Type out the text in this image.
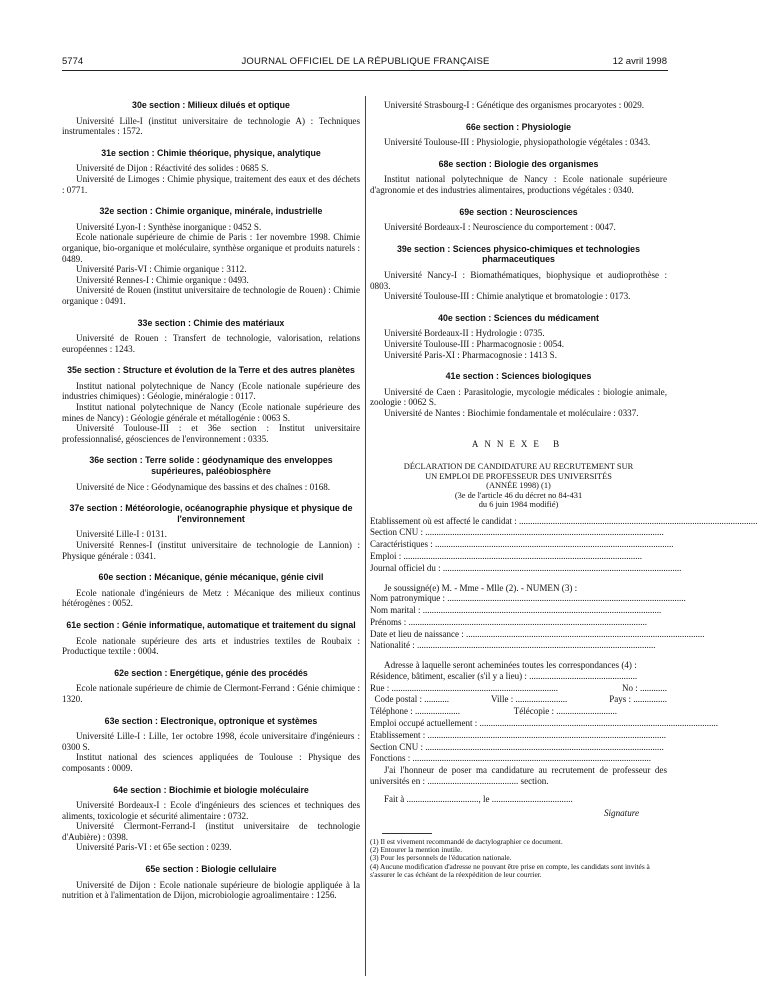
5774	JOURNAL OFFICIEL DE LA RÉPUBLIQUE FRANÇAISE	12 avril 1998

30e section : Milieux dilués et optique

Université Lille-I (institut universitaire de technologie A) : Techniques instrumentales : 1572.

31e section : Chimie théorique, physique, analytique

Université de Dijon : Réactivité des solides : 0685 S.

Université de Limoges : Chimie physique, traitement des eaux et des déchets : 0771.

32e section : Chimie organique, minérale, industrielle

Université Lyon-I : Synthèse inorganique : 0452 S.

Ecole nationale supérieure de chimie de Paris : 1er novembre 1998. Chimie organique, bio-organique et moléculaire, synthèse organique et produits naturels : 0489.

Université Paris-VI : Chimie organique : 3112.

Université Rennes-I : Chimie organique : 0493.

Université de Rouen (institut universitaire de technologie de Rouen) : Chimie organique : 0491.

33e section : Chimie des matériaux

Université de Rouen : Transfert de technologie, valorisation, relations européennes : 1243.

35e section : Structure et évolution de la Terre et des autres planètes

Institut national polytechnique de Nancy (Ecole nationale supérieure des industries chimiques) : Géologie, minéralogie : 0117.

Institut national polytechnique de Nancy (Ecole nationale supérieure des mines de Nancy) : Géologie générale et métallogénie : 0063 S.

Université Toulouse-III : et 36e section : Institut universitaire professionnalisé, géosciences de l'environnement : 0335.

36e section : Terre solide : géodynamique des enveloppes supérieures, paléobiosphère

Université de Nice : Géodynamique des bassins et des chaînes : 0168.

37e section : Météorologie, océanographie physique et physique de l'environnement

Université Lille-I : 0131.

Université Rennes-I (institut universitaire de technologie de Lannion) : Physique générale : 0341.

60e section : Mécanique, génie mécanique, génie civil

Ecole nationale d'ingénieurs de Metz : Mécanique des milieux continus hétérogènes : 0052.

61e section : Génie informatique, automatique et traitement du signal

Ecole nationale supérieure des arts et industries textiles de Roubaix : Productique textile : 0004.

62e section : Energétique, génie des procédés

Ecole nationale supérieure de chimie de Clermont-Ferrand : Génie chimique : 1320.

63e section : Electronique, optronique et systèmes

Université Lille-I : Lille, 1er octobre 1998, école universitaire d'ingénieurs : 0300 S.

Institut national des sciences appliquées de Toulouse : Physique des composants : 0009.

64e section : Biochimie et biologie moléculaire

Université Bordeaux-I : Ecole d'ingénieurs des sciences et techniques des aliments, toxicologie et sécurité alimentaire : 0732.

Université Clermont-Ferrand-I (institut universitaire de technologie d'Aubière) : 0398.

Université Paris-VI : et 65e section : 0239.

65e section : Biologie cellulaire

Université de Dijon : Ecole nationale supérieure de biologie appliquée à la nutrition et à l'alimentation de Dijon, microbiologie agroalimentaire : 1256.

Université Strasbourg-I : Génétique des organismes procaryotes : 0029.

66e section : Physiologie

Université Toulouse-III : Physiologie, physiopathologie végétales : 0343.

68e section : Biologie des organismes

Institut national polytechnique de Nancy : Ecole nationale supérieure d'agronomie et des industries alimentaires, productions végétales : 0340.

69e section : Neurosciences

Université Bordeaux-I : Neuroscience du comportement : 0047.

39e section : Sciences physico-chimiques et technologies pharmaceutiques

Université Nancy-I : Biomathématiques, biophysique et audioprothèse : 0803.

Université Toulouse-III : Chimie analytique et bromatologie : 0173.

40e section : Sciences du médicament

Université Bordeaux-II : Hydrologie : 0735.

Université Toulouse-III : Pharmacognosie : 0054.

Université Paris-XI : Pharmacognosie : 1413 S.

41e section : Sciences biologiques

Université de Caen : Parasitologie, mycologie médicales : biologie animale, zoologie : 0062 S.

Université de Nantes : Biochimie fondamentale et moléculaire : 0337.

ANNEXE B

DÉCLARATION DE CANDIDATURE AU RECRUTEMENT SUR

UN EMPLOI DE PROFESSEUR DES UNIVERSITÉS

(ANNÉE 1998) (1)

(3e de l'article 46 du décret no 84-431

du 6 juin 1984 modifié)

Etablissement où est affecté le candidat : ..........................................................................................................
Section CNU : ..........................................................................................................
Caractéristiques : ..........................................................................................................
Emploi : ..........................................................................................................
Journal officiel du : ..........................................................................................................

Je soussigné(e) M. - Mme - Mlle (2). - NUMEN (3) :

Nom patronymique : ..........................................................................................................
Nom marital : ..........................................................................................................
Prénoms : ..........................................................................................................
Date et lieu de naissance : ..........................................................................................................
Nationalité : ..........................................................................................................

Adresse à laquelle seront acheminées toutes les correspondances (4) :

Résidence, bâtiment, escalier (s'il y a lieu) : ................................................
Rue : ..........................................................................	No : ............
Code postal : ...........	Ville : .......................	Pays : ...............
Téléphone : ....................	Télécopie : ...........................
Emploi occupé actuellement : ..........................................................................................................
Etablissement : ..........................................................................................................
Section CNU : ..........................................................................................................
Fonctions : ..........................................................................................................

J'ai l'honneur de poser ma candidature au recrutement de professeur des universités en : ........................................ section.

Fait à ................................ , le ....................................
Signature

(1) Il est vivement recommandé de dactylographier ce document.

(2) Entourer la mention inutile.

(3) Pour les personnels de l'éducation nationale.

(4) Aucune modification d'adresse ne pouvant être prise en compte, les candidats sont invités à s'assurer le cas échéant de la réexpédition de leur courrier.
